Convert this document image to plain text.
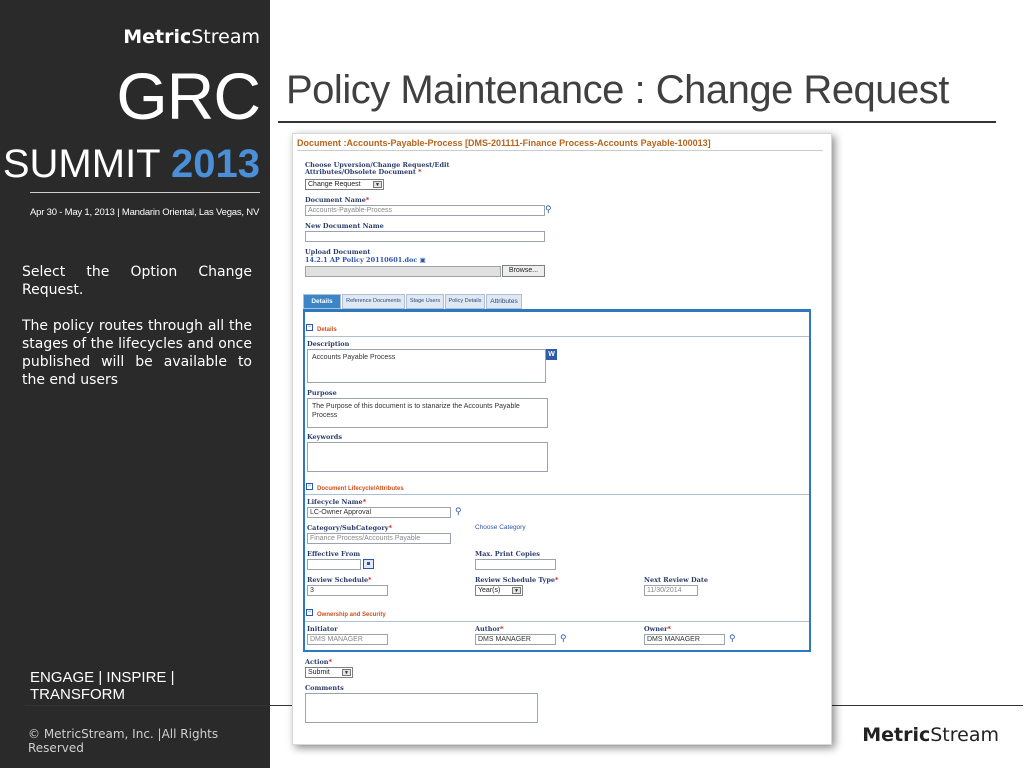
MetricStream
GRC
SUMMIT 2013
Apr 30 - May 1, 2013 | Mandarin Oriental, Las Vegas, NV

Select the Option Change Request.

The policy routes through all the stages of the lifecycles and once published will be available to the end users

ENGAGE | INSPIRE | TRANSFORM
© MetricStream, Inc. |All Rights Reserved
Policy Maintenance : Change Request
MetricStream
Document :Accounts-Payable-Process [DMS-201111-Finance Process-Accounts Payable-100013]
Choose Upversion/Change Request/Edit Attributes/Obsolete Document *
Change Request	▼
Document Name*
Accounts-Payable-Process	⚲
New Document Name
Upload Document
14.2.1 AP Policy 20110601.doc ▣
Browse...
Details	Reference Documents	Stage Users	Policy Details	Attributes
− Details
Description
Accounts Payable Process	W
Purpose
The Purpose of this document is to stanarize the Accounts Payable Process
Keywords
− Document Lifecycle/Attributes
Lifecycle Name*
LC-Owner Approval	⚲
Category/SubCategory*
Finance Process/Accounts Payable
Choose Category
Effective From	Max. Print Copies
Review Schedule*
3
Review Schedule Type*
Year(s)	▼
Next Review Date
11/30/2014
− Ownership and Security
Initiator
DMS MANAGER
Author*
DMS MANAGER	⚲
Owner*
DMS MANAGER	⚲
Action*
Submit	▼
Comments
